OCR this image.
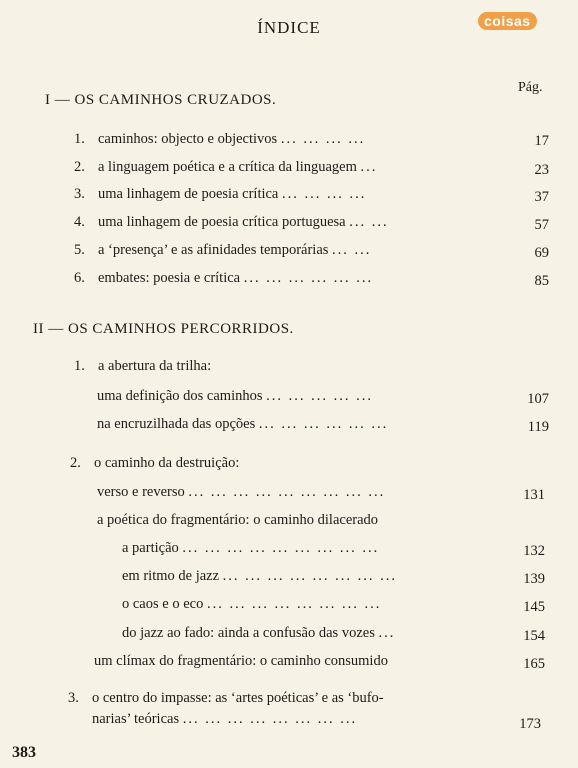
ÍNDICE	coisas
Pág.
I — OS CAMINHOS CRUZADOS.
1. caminhos: objecto e objectivos ... ... ... ...	17
2. a linguagem poética e a crítica da linguagem ...	23
3. uma linhagem de poesia crítica ... ... ... ...	37
4. uma linhagem de poesia crítica portuguesa ... ...	57
5. a ‘presença’ e as afinidades temporárias ... ...	69
6. embates: poesia e crítica ... ... ... ... ... ...	85
II — OS CAMINHOS PERCORRIDOS.
1. a abertura da trilha:
uma definição dos caminhos ... ... ... ... ...	107
na encruzilhada das opções ... ... ... ... ... ...	119
2. o caminho da destruição:
verso e reverso ... ... ... ... ... ... ... ... ...	131
a poética do fragmentário: o caminho dilacerado
a partição ... ... ... ... ... ... ... ... ...	132
em ritmo de jazz ... ... ... ... ... ... ... ...	139
o caos e o eco ... ... ... ... ... ... ... ...	145
do jazz ao fado: ainda a confusão das vozes ...	154
um clímax do fragmentário: o caminho consumido	165
3. o centro do impasse: as ‘artes poéticas’ e as ‘bufo-
narias’ teóricas ... ... ... ... ... ... ... ...	173
383
